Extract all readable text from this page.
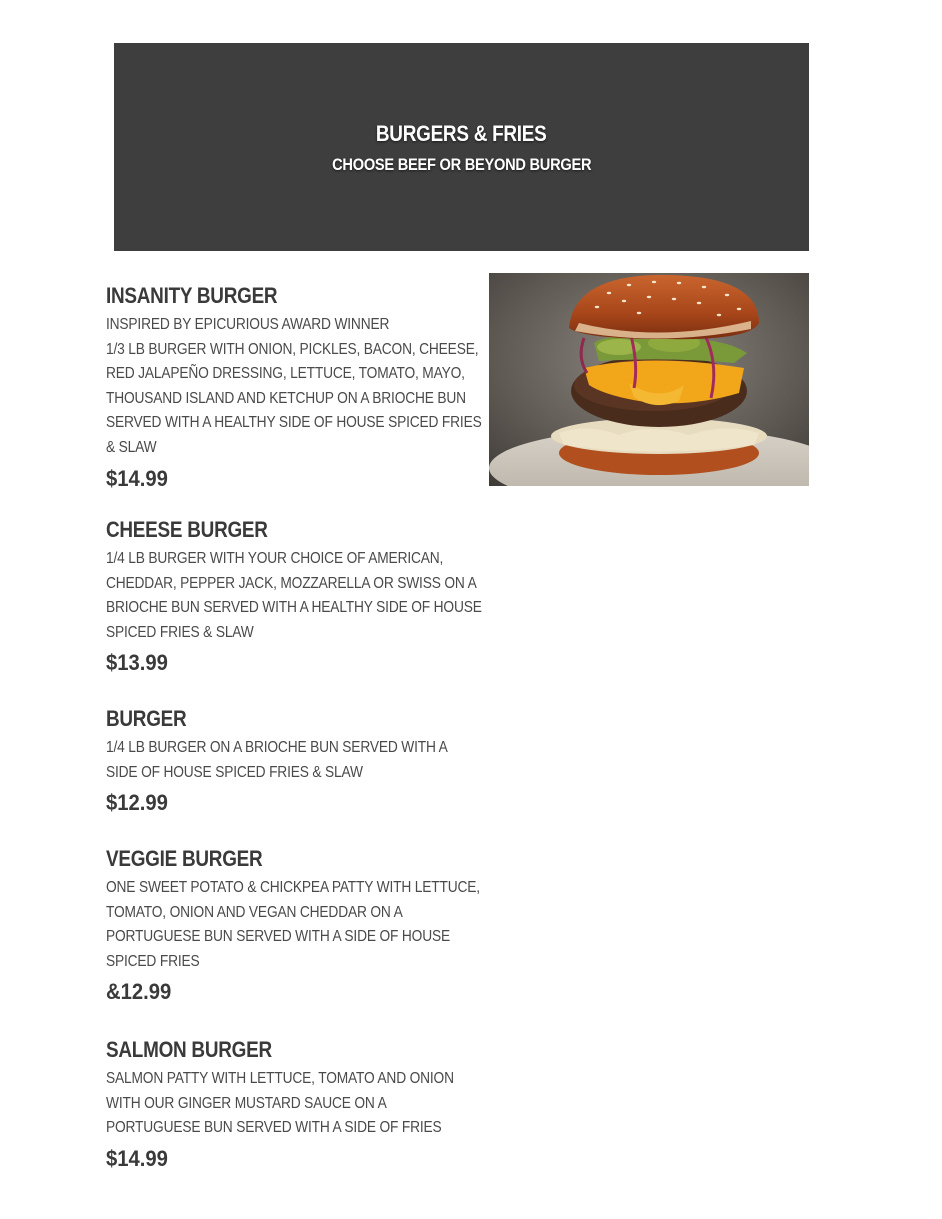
BURGERS & FRIES
CHOOSE BEEF OR BEYOND BURGER
INSANITY BURGER
INSPIRED BY EPICURIOUS AWARD WINNER
1/3 LB BURGER WITH ONION, PICKLES, BACON, CHEESE,
RED JALAPEÑO DRESSING, LETTUCE, TOMATO, MAYO,
THOUSAND ISLAND AND KETCHUP ON A BRIOCHE BUN
SERVED WITH A HEALTHY SIDE OF HOUSE SPICED FRIES
& SLAW
$14.99
CHEESE BURGER
1/4 LB BURGER WITH YOUR CHOICE OF AMERICAN,
CHEDDAR, PEPPER JACK, MOZZARELLA OR SWISS ON A
BRIOCHE BUN SERVED WITH A HEALTHY SIDE OF HOUSE
SPICED FRIES & SLAW
$13.99
BURGER
1/4 LB BURGER ON A BRIOCHE BUN SERVED WITH A
SIDE OF HOUSE SPICED FRIES & SLAW
$12.99
VEGGIE BURGER
ONE SWEET POTATO & CHICKPEA PATTY WITH LETTUCE,
TOMATO, ONION AND VEGAN CHEDDAR ON A
PORTUGUESE BUN SERVED WITH A SIDE OF HOUSE
SPICED FRIES
&12.99
SALMON BURGER
SALMON PATTY WITH LETTUCE, TOMATO AND ONION
WITH OUR GINGER MUSTARD SAUCE ON A
PORTUGUESE BUN SERVED WITH A SIDE OF FRIES
$14.99
